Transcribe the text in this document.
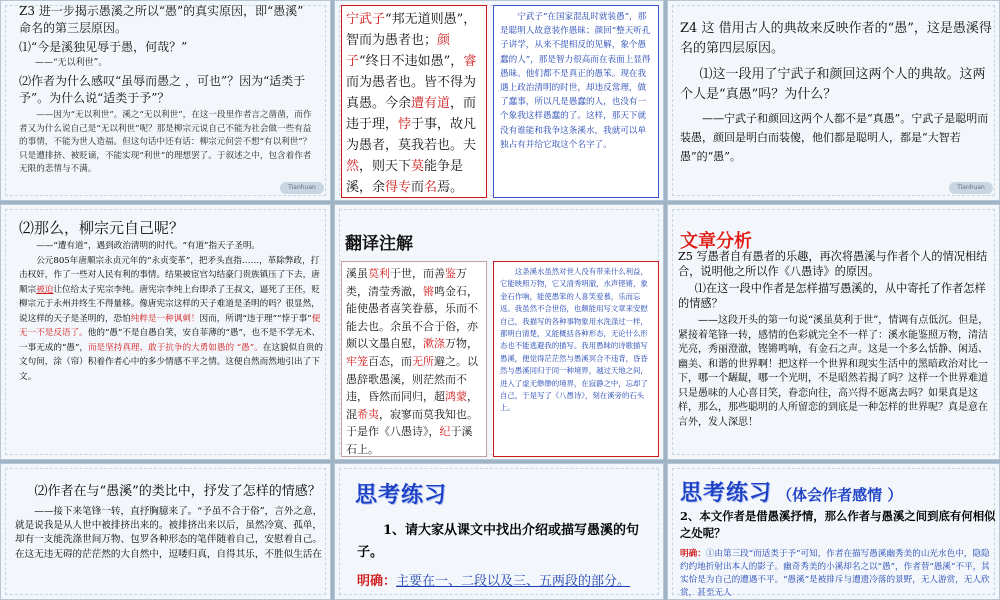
Z3 进一步揭示愚溪之所以“愚”的真实原因，即“愚溪” 命名的第三层原因。
⑴“今是溪独见辱于愚，何哉？”
——“无以利世”。
⑵作者为什么感叹“虽辱而愚之 ，可也”？因为“适类于予”。为什么说“适类于予”？
——因为“无以利世”。溪之“无以利世”，在这一段里作者言之凿凿，而作者又为什么说自己是“无以利世”呢？那是柳宗元说自己不能为社会做一些有益的事情，不能为世人造福。但这句话中还有话：柳宗元何尝不想“有以利世”？只是遭排挤、被贬谪，不能实现“利世”的理想罢了。于叙述之中，包含着作者无限的悲情与不满。
Tianhuan
宁武子“邦无道则愚”，智而为愚者也；颜子“终日不违如愚”，睿而为愚者也。皆不得为真愚。今余遭有道，而违于理，悖于事，故凡为愚者，莫我若也。夫然，则天下莫能争是溪，余得专而名焉。
宁武子“在国家混乱时就装愚”，那是聪明人故意装作愚昧；颜回“整天听孔子讲学，从来不提相反的见解，象个愚蠢的人”，那是智力很高而在表面上显得愚昧。他们都不是真正的愚笨。现在我遇上政治清明的时世，却违反常理，做了蠢事，所以凡是愚蠢的人，也没有一个象我这样愚蠢的了。这样，那天下就没有谁能和我争这条溪水，我就可以单独占有并给它取这个名字了。
Z4 这 借用古人的典故来反映作者的“愚”，这是愚溪得名的第四层原因。
⑴这一段用了宁武子和颜回这两个人的典故。这两个人是“真愚”吗？为什么？
——宁武子和颜回这两个人都不是“真愚”。宁武子是聪明而装愚，颜回是明白而装傻，他们都是聪明人，都是“大智若愚”的“愚”。
Tianhuan
⑵那么，柳宗元自己呢？
——“遭有道”，遇到政治清明的时代。“有道”指天子圣明。
公元805年唐顺宗永贞元年的“永贞变革”，把矛头直指……，革除弊政，打击权奸，作了一些对人民有利的事情。结果被宦官勾结豪门贵族镇压了下去，唐顺宗被迫让位给太子宪宗李纯。唐宪宗李纯上台即杀了王叔文，逼死了王伾，贬柳宗元于永州并终生不得量移。像唐宪宗这样的天子难道是圣明的吗？很显然，说这样的天子是圣明的，恐怕纯粹是一种讽刺！因而，所谓“违于理”“悖于事”便无一不是反语了。他的“愚”不是自愚自笑，安自菲薄的“愚”，也不是不学无术、一事无成的“愚”，而是坚持真理、敢于抗争的大勇如愚的 “愚”。在这貌似自贵的文句间，涂（帘）积着作者心中的多少情感不平之情。这便自然而然地引出了下文。
翻译注解
溪虽莫利于世，而善鉴万类，清莹秀澈，锵鸣金石，能使愚者喜笑眷慕，乐而不能去也。余虽不合于俗，亦颇以文墨自慰，漱涤万物，牢笼百态，而无所避之。以愚辞歌愚溪，则茫然而不违，昏然而同归，超鸿蒙，混希夷，寂寥而莫我知也。于是作《八愚诗》，纪于溪石上。
这条溪水虽然对世人没有带来什么利益，它能映照万物，它又清秀明澈，水声铿锵，象金石作响，能使愚笨的人喜笑爱慕，乐而忘返。我虽然不合世俗，也颇能用写文章来安慰自己，我描写的各种事物象用水洗涤过一样，都明白清楚，又能概括各种形态，无论什么形态也不能逃避我的描写。我用愚昧的诗歌描写愚溪，便觉得茫茫然与愚溪冥合不违背，昏昏然与愚溪同归于同一种境界，越过天地之间，进入了虚无缈缈的境界，在寂静之中，忘却了自己，于是写了《八愚诗》，刻在溪旁的石头上。
文章分析
Z5 写愚者自有愚者的乐趣，再次将愚溪与作者个人的情况相结合，说明他之所以作《八愚诗》的原因。
⑴在这一段中作者是怎样描写愚溪的，从中寄托了作者怎样的情感？
——这段开头的第一句说“溪虽莫利于世”，情调有点低沉。但是，紧接着笔锋一转，感情的色彩就完全不一样了：溪水能鉴照万物，清洁光亮，秀丽澄澈，铿锵鸣响，有金石之声。这是一个多么恬静、闲适、幽美、和谐的世界啊！把这样一个世界和现实生活中的黑暗政治对比一下，哪一个龌龊，哪一个光明，不是昭然若揭了吗？这样一个世界难道只是愚味的人心喜目笑，眷恋向往，高兴得不愿离去吗？如果真是这样，那么，那些聪明的人所留恋的到底是一种怎样的世界呢？真是意在言外，发人深思！
⑵作者在与“愚溪”的类比中，抒发了怎样的情感？
——接下来笔锋一转，直抒胸臆来了。“予虽不合于俗”，言外之意，就是说我是从人世中被排挤出来的。被排挤出来以后，虽然冷寞、孤单，却有一支能洗涤世间万物、包罗各种形态的笔伴随着自己，安慰着自己。在这无违无碍的茫茫然的大自然中，逗喽归真，自得其乐，不胜似生活在
思考练习
1、请大家从课文中找出介绍或描写愚溪的句子。
明确：主要在一、二段以及三、五两段的部分。
思考练习 （体会作者感情 ）
2、本文作者是借愚溪抒情，那么作者与愚溪之间到底有何相似之处呢？
明确：①由第三段“而适类于予”可知，作者在描写愚溪幽秀美的山光水色中，隐隐约约地折射出本人的影子。幽奇秀美的小溪却名之以“愚”，作者替“愚溪”不平，其实恰是为自己的遭遇不平。“愚溪”是被排斥与遭遗冷落的景野，无人游赏，无人欣赏，甚至无人
